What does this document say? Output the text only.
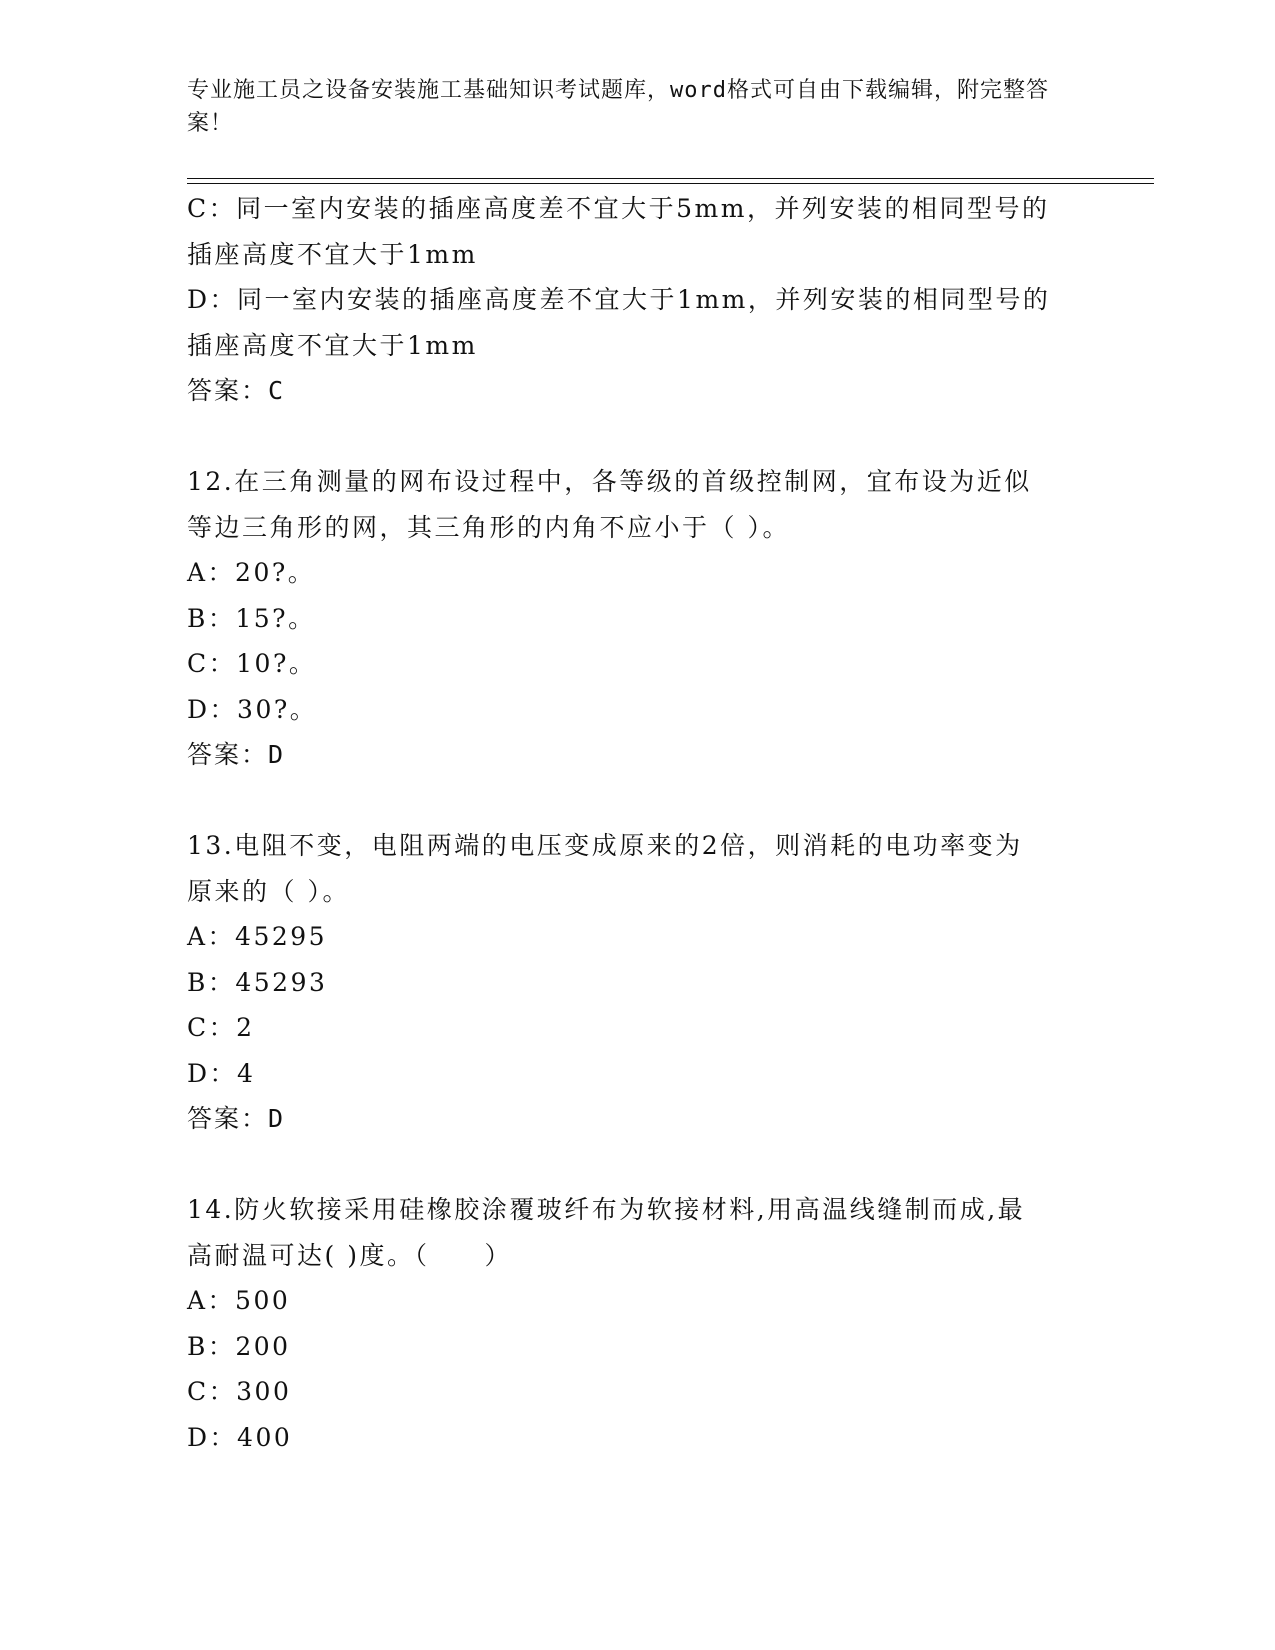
专业施工员之设备安装施工基础知识考试题库，word格式可自由下载编辑，附完整答案！
C：同一室内安装的插座高度差不宜大于5mm，并列安装的相同型号的
插座高度不宜大于1mm
D：同一室内安装的插座高度差不宜大于1mm，并列安装的相同型号的
插座高度不宜大于1mm
答案：C
12.在三角测量的网布设过程中，各等级的首级控制网，宜布设为近似
等边三角形的网，其三角形的内角不应小于（ ）。
A：20?。
B：15?。
C：10?。
D：30?。
答案：D
13.电阻不变，电阻两端的电压变成原来的2倍，则消耗的电功率变为
原来的（ ）。
A：45295
B：45293
C：2
D：4
答案：D
14.防火软接采用硅橡胶涂覆玻纤布为软接材料,用高温线缝制而成,最
高耐温可达( )度。（　　）
A：500
B：200
C：300
D：400
